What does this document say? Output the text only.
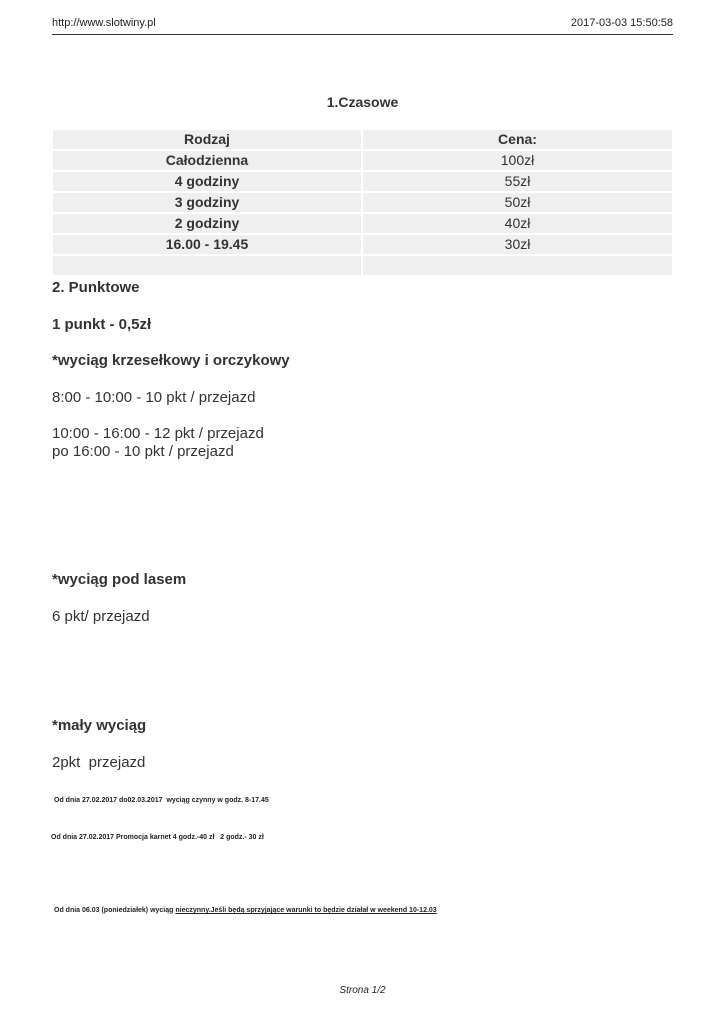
http://www.slotwiny.pl	2017-03-03 15:50:58
1.Czasowe
Rodzaj	Cena:
Całodzienna	100zł
4 godziny	55zł
3 godziny	50zł
2 godziny	40zł
16.00 - 19.45	30zł

2. Punktowe
1 punkt - 0,5zł
*wyciąg krzesełkowy i orczykowy
8:00 - 10:00 - 10 pkt / przejazd
10:00 - 16:00 - 12 pkt / przejazd
po 16:00 - 10 pkt / przejazd
*wyciąg pod lasem
6 pkt/ przejazd
*mały wyciąg
2pkt  przejazd
Od dnia 27.02.2017 do02.03.2017  wyciąg czynny w godz. 8-17.45
Od dnia 27.02.2017 Promocja karnet 4 godz.-40 zł   2 godz.- 30 zł
Od dnia 06.03 (poniedziałek) wyciąg nieczynny.Jeśli będą sprzyjające warunki to będzie działał w weekend 10-12.03
Strona 1/2
